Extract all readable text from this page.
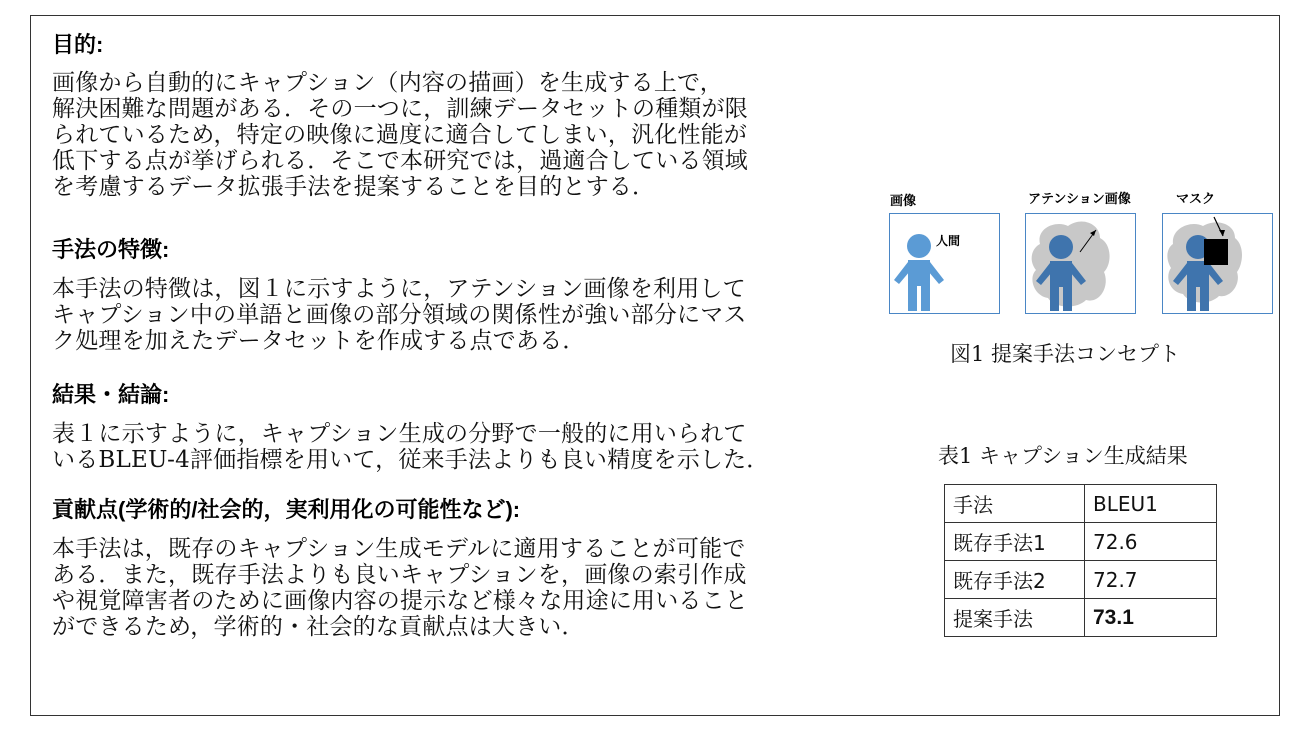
目的:

画像から自動的にキャプション（内容の描画）を生成する上で，
解決困難な問題がある．その一つに，訓練データセットの種類が限
られているため，特定の映像に過度に適合してしまい，汎化性能が
低下する点が挙げられる．そこで本研究では，過適合している領域
を考慮するデータ拡張手法を提案することを目的とする．

手法の特徴:

本手法の特徴は，図１に示すように，アテンション画像を利用して
キャプション中の単語と画像の部分領域の関係性が強い部分にマス
ク処理を加えたデータセットを作成する点である．

結果・結論:

表１に示すように，キャプション生成の分野で一般的に用いられて
いるBLEU-4評価指標を用いて，従来手法よりも良い精度を示した．

貢献点(学術的/社会的，実利用化の可能性など):

本手法は，既存のキャプション生成モデルに適用することが可能で
ある．また，既存手法よりも良いキャプションを，画像の索引作成
や視覚障害者のために画像内容の提示など様々な用途に用いること
ができるため，学術的・社会的な貢献点は大きい．

画像	アテンション画像	マスク
人間
図1 提案手法コンセプト
表1 キャプション生成結果
手法	BLEU1
既存手法1	72.6
既存手法2	72.7
提案手法	73.1
